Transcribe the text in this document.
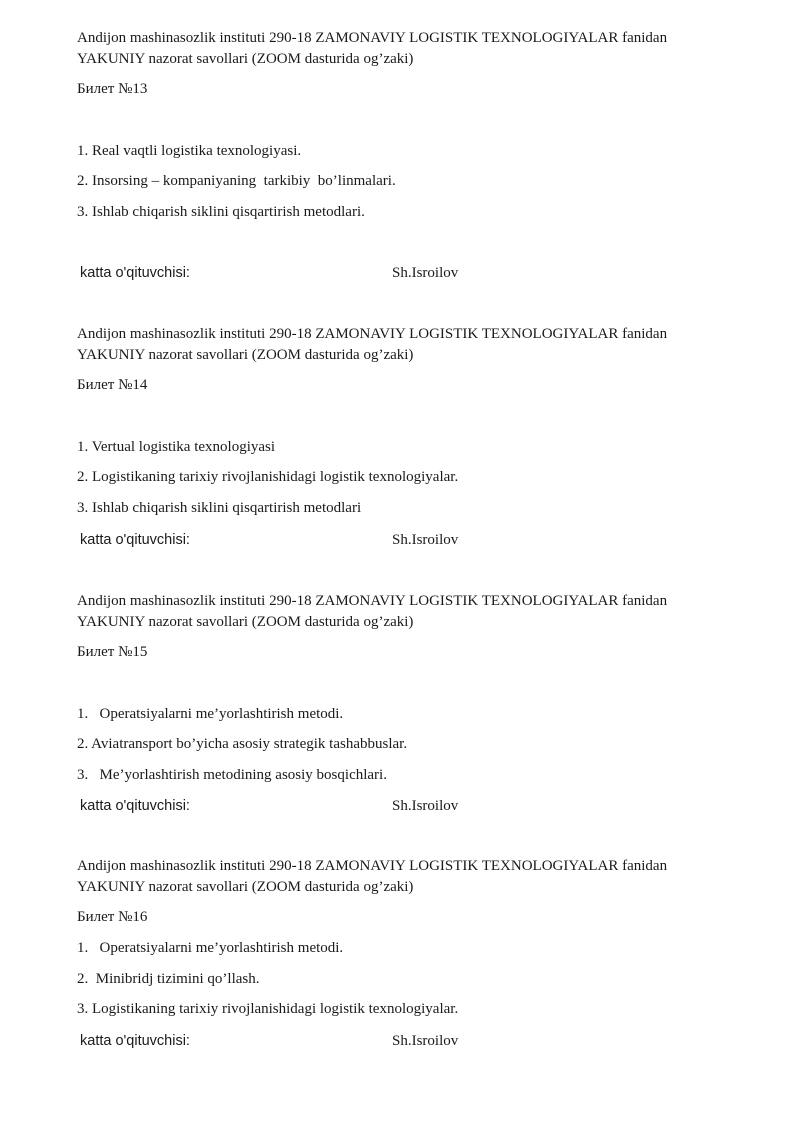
Andijon mashinasozlik instituti 290-18 ZAMONAVIY LOGISTIK TEXNOLOGIYALAR fanidan
YAKUNIY nazorat savollari (ZOOM dasturida og’zaki)
Билет №13
1. Real vaqtli logistika texnologiyasi.
2. Insorsing – kompaniyaning  tarkibiy  bo’linmalari.
3. Ishlab chiqarish siklini qisqartirish metodlari.
katta o'qituvchisi:	Sh.Isroilov
Andijon mashinasozlik instituti 290-18 ZAMONAVIY LOGISTIK TEXNOLOGIYALAR fanidan
YAKUNIY nazorat savollari (ZOOM dasturida og’zaki)
Билет №14
1. Vertual logistika texnologiyasi
2. Logistikaning tarixiy rivojlanishidagi logistik texnologiyalar.
3. Ishlab chiqarish siklini qisqartirish metodlari
katta o'qituvchisi:	Sh.Isroilov
Andijon mashinasozlik instituti 290-18 ZAMONAVIY LOGISTIK TEXNOLOGIYALAR fanidan
YAKUNIY nazorat savollari (ZOOM dasturida og’zaki)
Билет №15
1.   Operatsiyalarni me’yorlashtirish metodi.
2. Aviatransport bo’yicha asosiy strategik tashabbuslar.
3.   Me’yorlashtirish metodining asosiy bosqichlari.
katta o'qituvchisi:	Sh.Isroilov
Andijon mashinasozlik instituti 290-18 ZAMONAVIY LOGISTIK TEXNOLOGIYALAR fanidan
YAKUNIY nazorat savollari (ZOOM dasturida og’zaki)
Билет №16
1.   Operatsiyalarni me’yorlashtirish metodi.
2.  Minibridj tizimini qo’llash.
3. Logistikaning tarixiy rivojlanishidagi logistik texnologiyalar.
katta o'qituvchisi:	Sh.Isroilov
